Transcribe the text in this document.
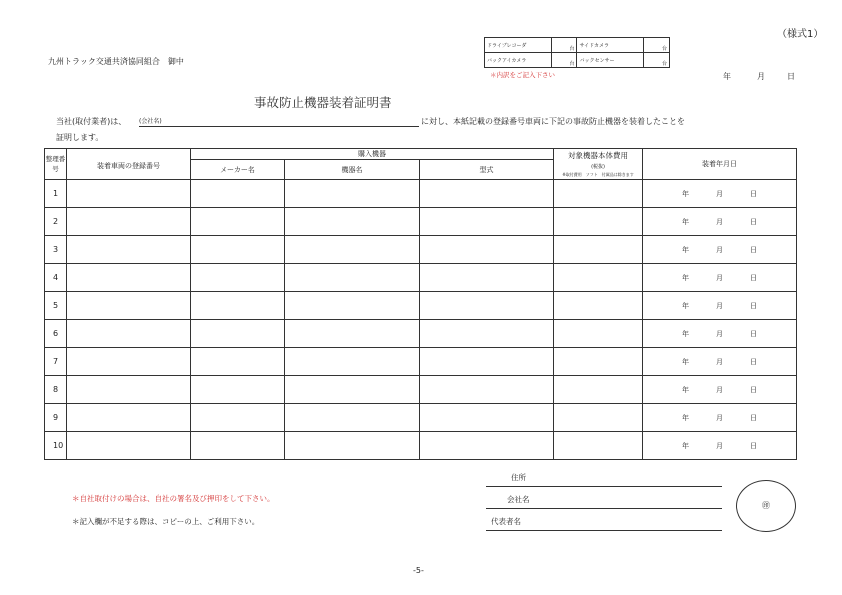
（様式1）
九州トラック交通共済協同組合　御中
ドライブレコーダ	台	サイドカメラ	台
バックアイカメラ	台	バックセンサー	台
＊内訳をご記入下さい	年	月	日
事故防止機器装着証明書
当社(取付業者)は、 (会社名)	に対し、本紙記載の登録番号車両に下記の事故防止機器を装着したことを
証明します。
整理番号	装着車両の登録番号	購入機器			対象機器本体費用
(税抜)
※取付費用　ソフト　付属品は除きます	装着年月日
		メーカー名	機器名	型式		
1						年 月 日
2						年 月 日
3						年 月 日
4						年 月 日
5						年 月 日
6						年 月 日
7						年 月 日
8						年 月 日
9						年 月 日
10						年 月 日
＊自社取付けの場合は、自社の署名及び押印をして下さい。
＊記入欄が不足する際は、コピーの上、ご利用下さい。
住所
会社名
代表者名
㊞
-5-
